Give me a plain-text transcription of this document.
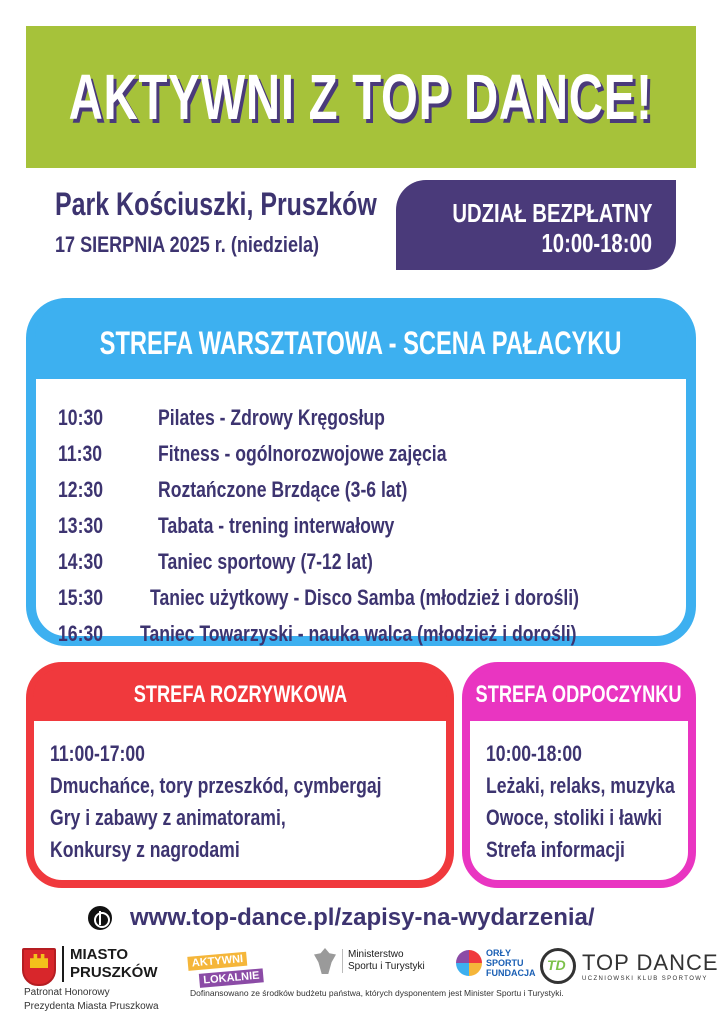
AKTYWNI Z TOP DANCE!
Park Kościuszki, Pruszków
17 SIERPNIA 2025 r. (niedziela)
UDZIAŁ BEZPŁATNY
10:00-18:00
STREFA WARSZTATOWA - SCENA PAŁACYKU
10:30	Pilates - Zdrowy Kręgosłup
11:30	Fitness - ogólnorozwojowe zajęcia
12:30	Roztańczone Brzdące (3-6 lat)
13:30	Tabata - trening interwałowy
14:30	Taniec sportowy (7-12 lat)
15:30	Taniec użytkowy - Disco Samba (młodzież i dorośli)
16:30	Taniec Towarzyski - nauka walca (młodzież i dorośli)
STREFA ROZRYWKOWA
11:00-17:00
Dmuchańce, tory przeszkód, cymbergaj
Gry i zabawy z animatorami,
Konkursy z nagrodami
STREFA ODPOCZYNKU
10:00-18:00
Leżaki, relaks, muzyka
Owoce, stoliki i ławki
Strefa informacji
www.top-dance.pl/zapisy-na-wydarzenia/
MIASTO
PRUSZKÓW
Patronat Honorowy
Prezydenta Miasta Pruszkowa
AKTYWNI
LOKALNIE
Ministerstwo
Sportu i Turystyki
ORŁY
SPORTU
FUNDACJA
TD TOP DANCE
UCZNIOWSKI KLUB SPORTOWY
Dofinansowano ze środków budżetu państwa, których dysponentem jest Minister Sportu i Turystyki.
